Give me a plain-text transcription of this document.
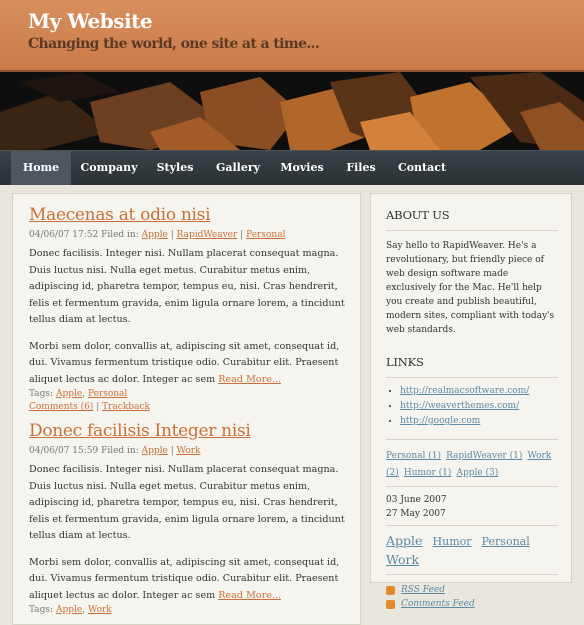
My Website
Changing the world, one site at a time...
Home	Company	Styles	Gallery	Movies	Files	Contact
Maecenas at odio nisi
04/06/07 17:52 Filed in: Apple | RapidWeaver | Personal

Donec facilisis. Integer nisi. Nullam placerat consequat magna. Duis luctus nisi. Nulla eget metus. Curabitur metus enim, adipiscing id, pharetra tempor, tempus eu, nisi. Cras hendrerit, felis et fermentum gravida, enim ligula ornare lorem, a tincidunt tellus diam at lectus.

Morbi sem dolor, convallis at, adipiscing sit amet, consequat id, dui. Vivamus fermentum tristique odio. Curabitur elit. Praesent aliquet lectus ac dolor. Integer ac sem Read More...

Tags: Apple, Personal
Comments (6) | Trackback
Donec facilisis Integer nisi
04/06/07 15:59 Filed in: Apple | Work

Donec facilisis. Integer nisi. Nullam placerat consequat magna. Duis luctus nisi. Nulla eget metus. Curabitur metus enim, adipiscing id, pharetra tempor, tempus eu, nisi. Cras hendrerit, felis et fermentum gravida, enim ligula ornare lorem, a tincidunt tellus diam at lectus.

Morbi sem dolor, convallis at, adipiscing sit amet, consequat id, dui. Vivamus fermentum tristique odio. Curabitur elit. Praesent aliquet lectus ac dolor. Integer ac sem Read More...

Tags: Apple, Work
ABOUT US
Say hello to RapidWeaver. He's a revolutionary, but friendly piece of web design software made exclusively for the Mac. He'll help you create and publish beautiful, modern sites, compliant with today's web standards.
LINKS
• http://realmacsoftware.com/
• http://weaverthemes.com/
• http://google.com
Personal (1) RapidWeaver (1) Work (2) Humor (1) Apple (3)
03 June 2007
27 May 2007
Apple Humor Personal Work
RSS Feed
Comments Feed
